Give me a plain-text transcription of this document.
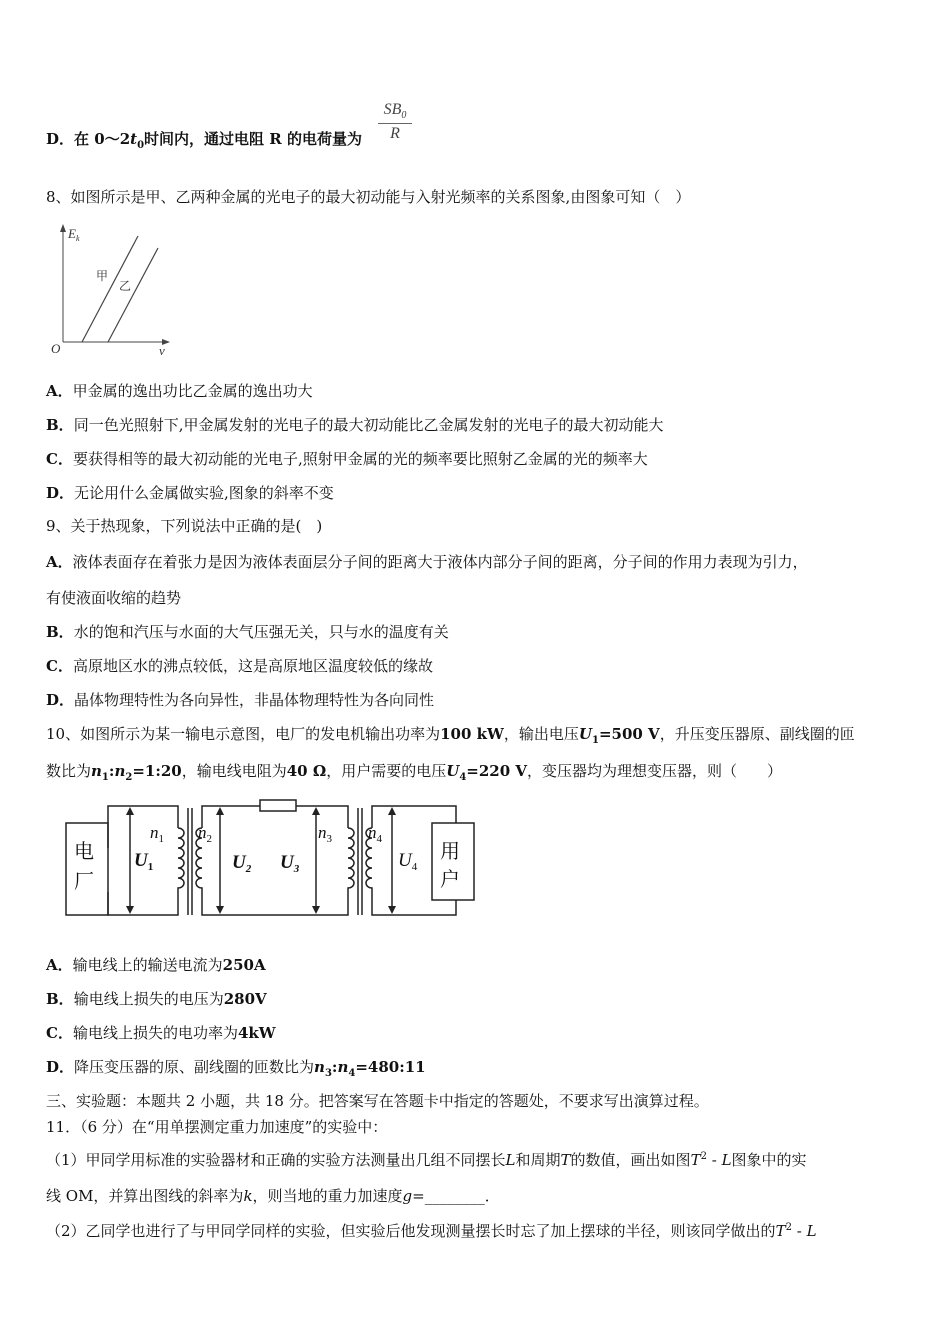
D．在 $0\sim 2t_0$时间内，通过电阻 R 的电荷量为 $\frac{SB_0}{R}$
8、如图所示是甲、乙两种金属的光电子的最大初动能与入射光频率的关系图象,由图象可知（　）
$E_k$
甲
乙
O	ν
A．甲金属的逸出功比乙金属的逸出功大
B．同一色光照射下,甲金属发射的光电子的最大初动能比乙金属发射的光电子的最大初动能大
C．要获得相等的最大初动能的光电子,照射甲金属的光的频率要比照射乙金属的光的频率大
D．无论用什么金属做实验,图象的斜率不变
9、关于热现象，下列说法中正确的是(　)
A．液体表面存在着张力是因为液体表面层分子间的距离大于液体内部分子间的距离，分子间的作用力表现为引力，
有使液面收缩的趋势
B．水的饱和汽压与水面的大气压强无关，只与水的温度有关
C．高原地区水的沸点较低，这是高原地区温度较低的缘故
D．晶体物理特性为各向异性，非晶体物理特性为各向同性
10、如图所示为某一输电示意图，电厂的发电机输出功率为100 kW，输出电压$U_1=500$ V，升压变压器原、副线圈的匝
数比为$n_1:n_2=1:20$，输电线电阻为40 Ω，用户需要的电压$U_4=220$ V，变压器均为理想变压器，则（　　）
电
厂
用
户
$U_1$
$n_1$ $n_2$
$U_2$ $U_3$
$n_3$ $n_4$
$U_4$
A．输电线上的输送电流为250A
B．输电线上损失的电压为280V
C．输电线上损失的电功率为4kW
D．降压变压器的原、副线圈的匝数比为$n_3:n_4=480:11$
三、实验题：本题共 2 小题，共 18 分。把答案写在答题卡中指定的答题处，不要求写出演算过程。
11．（6 分）在“用单摆测定重力加速度”的实验中：
（1）甲同学用标准的实验器材和正确的实验方法测量出几组不同摆长L和周期T的数值，画出如图$T^2$ - L图象中的实
线 OM，并算出图线的斜率为k，则当地的重力加速度g=________．
（2）乙同学也进行了与甲同学同样的实验，但实验后他发现测量摆长时忘了加上摆球的半径，则该同学做出的$T^2$ - L
